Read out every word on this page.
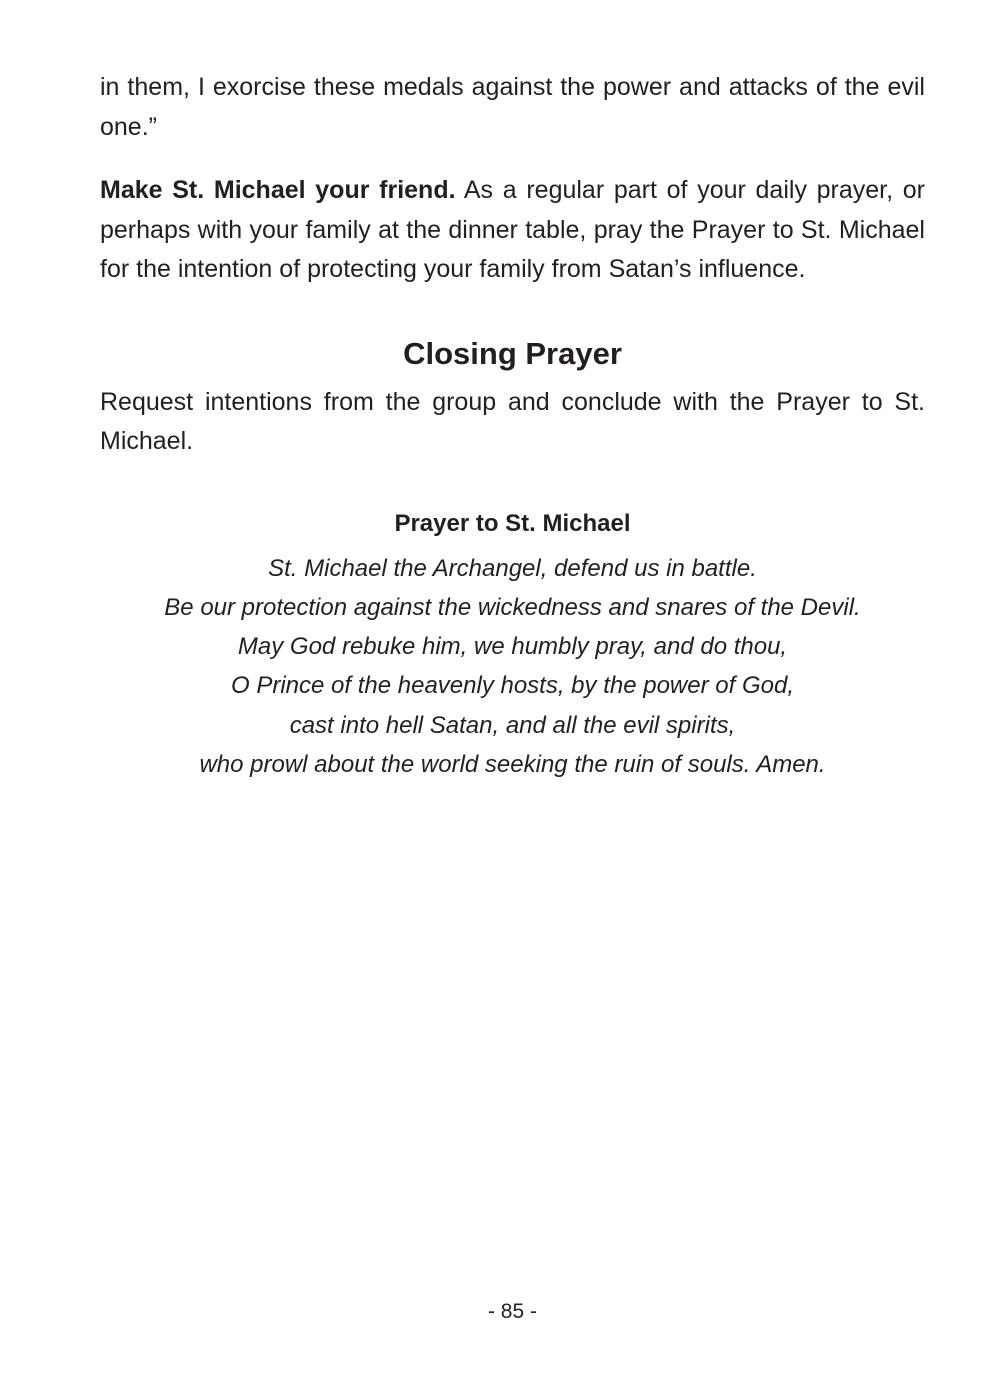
in them, I exorcise these medals against the power and attacks of the evil one.”

Make St. Michael your friend. As a regular part of your daily prayer, or perhaps with your family at the dinner table, pray the Prayer to St. Michael for the intention of protecting your family from Satan’s influence.

Closing Prayer

Request intentions from the group and conclude with the Prayer to St. Michael.

Prayer to St. Michael
St. Michael the Archangel, defend us in battle.
Be our protection against the wickedness and snares of the Devil.
May God rebuke him, we humbly pray, and do thou,
O Prince of the heavenly hosts, by the power of God,
cast into hell Satan, and all the evil spirits,
who prowl about the world seeking the ruin of souls. Amen.
- 85 -
